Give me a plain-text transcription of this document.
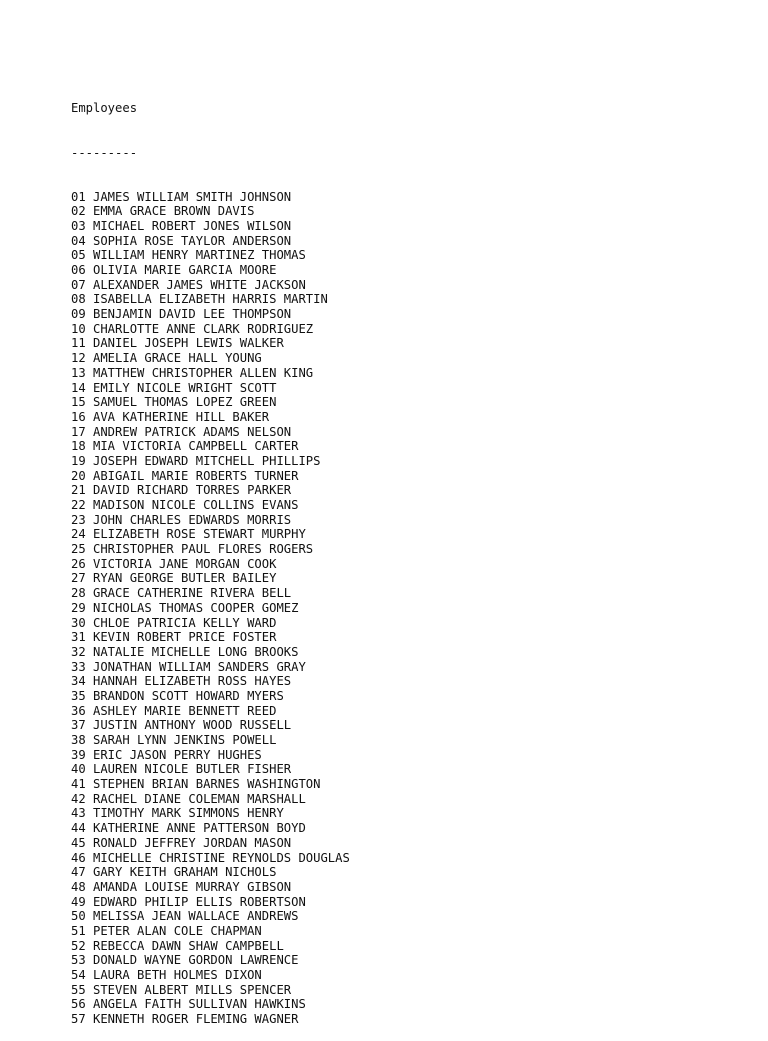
Employees

---------

01 JAMES WILLIAM SMITH JOHNSON
02 EMMA GRACE BROWN DAVIS
03 MICHAEL ROBERT JONES WILSON
04 SOPHIA ROSE TAYLOR ANDERSON
05 WILLIAM HENRY MARTINEZ THOMAS
06 OLIVIA MARIE GARCIA MOORE
07 ALEXANDER JAMES WHITE JACKSON
08 ISABELLA ELIZABETH HARRIS MARTIN
09 BENJAMIN DAVID LEE THOMPSON
10 CHARLOTTE ANNE CLARK RODRIGUEZ
11 DANIEL JOSEPH LEWIS WALKER
12 AMELIA GRACE HALL YOUNG
13 MATTHEW CHRISTOPHER ALLEN KING
14 EMILY NICOLE WRIGHT SCOTT
15 SAMUEL THOMAS LOPEZ GREEN
16 AVA KATHERINE HILL BAKER
17 ANDREW PATRICK ADAMS NELSON
18 MIA VICTORIA CAMPBELL CARTER
19 JOSEPH EDWARD MITCHELL PHILLIPS
20 ABIGAIL MARIE ROBERTS TURNER
21 DAVID RICHARD TORRES PARKER
22 MADISON NICOLE COLLINS EVANS
23 JOHN CHARLES EDWARDS MORRIS
24 ELIZABETH ROSE STEWART MURPHY
25 CHRISTOPHER PAUL FLORES ROGERS
26 VICTORIA JANE MORGAN COOK
27 RYAN GEORGE BUTLER BAILEY
28 GRACE CATHERINE RIVERA BELL
29 NICHOLAS THOMAS COOPER GOMEZ
30 CHLOE PATRICIA KELLY WARD
31 KEVIN ROBERT PRICE FOSTER
32 NATALIE MICHELLE LONG BROOKS
33 JONATHAN WILLIAM SANDERS GRAY
34 HANNAH ELIZABETH ROSS HAYES
35 BRANDON SCOTT HOWARD MYERS
36 ASHLEY MARIE BENNETT REED
37 JUSTIN ANTHONY WOOD RUSSELL
38 SARAH LYNN JENKINS POWELL
39 ERIC JASON PERRY HUGHES
40 LAUREN NICOLE BUTLER FISHER
41 STEPHEN BRIAN BARNES WASHINGTON
42 RACHEL DIANE COLEMAN MARSHALL
43 TIMOTHY MARK SIMMONS HENRY
44 KATHERINE ANNE PATTERSON BOYD
45 RONALD JEFFREY JORDAN MASON
46 MICHELLE CHRISTINE REYNOLDS DOUGLAS
47 GARY KEITH GRAHAM NICHOLS
48 AMANDA LOUISE MURRAY GIBSON
49 EDWARD PHILIP ELLIS ROBERTSON
50 MELISSA JEAN WALLACE ANDREWS
51 PETER ALAN COLE CHAPMAN
52 REBECCA DAWN SHAW CAMPBELL
53 DONALD WAYNE GORDON LAWRENCE
54 LAURA BETH HOLMES DIXON
55 STEVEN ALBERT MILLS SPENCER
56 ANGELA FAITH SULLIVAN HAWKINS
57 KENNETH ROGER FLEMING WAGNER
